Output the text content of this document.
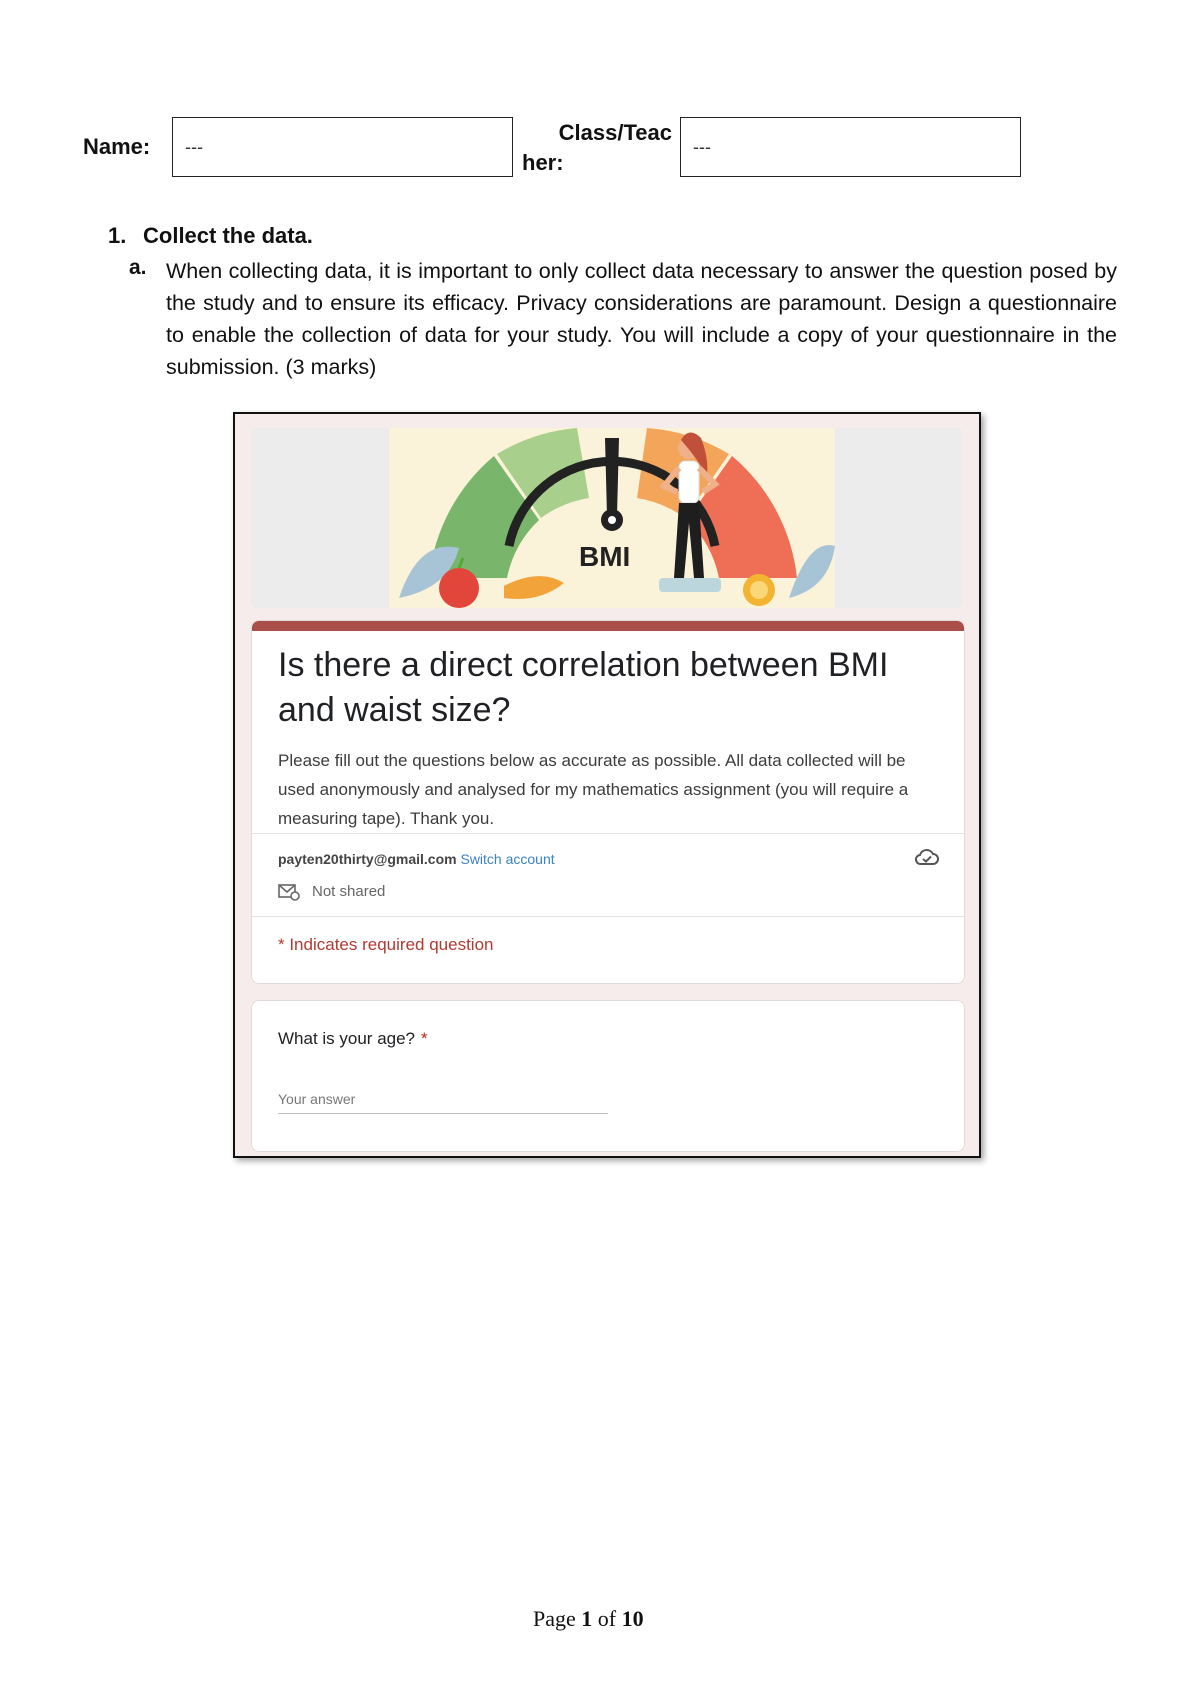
Name: ---
Class/Teac
her:
---
1. Collect the data.
a. When collecting data, it is important to only collect data necessary to answer the question posed by the study and to ensure its efficacy. Privacy considerations are paramount. Design a questionnaire to enable the collection of data for your study. You will include a copy of your questionnaire in the submission. (3 marks)
BMI
Is there a direct correlation between BMI and waist size?
Please fill out the questions below as accurate as possible. All data collected will be used anonymously and analysed for my mathematics assignment (you will require a measuring tape). Thank you.
payten20thirty@gmail.com Switch account
Not shared
* Indicates required question
What is your age? *
Your answer
Page 1 of 10
